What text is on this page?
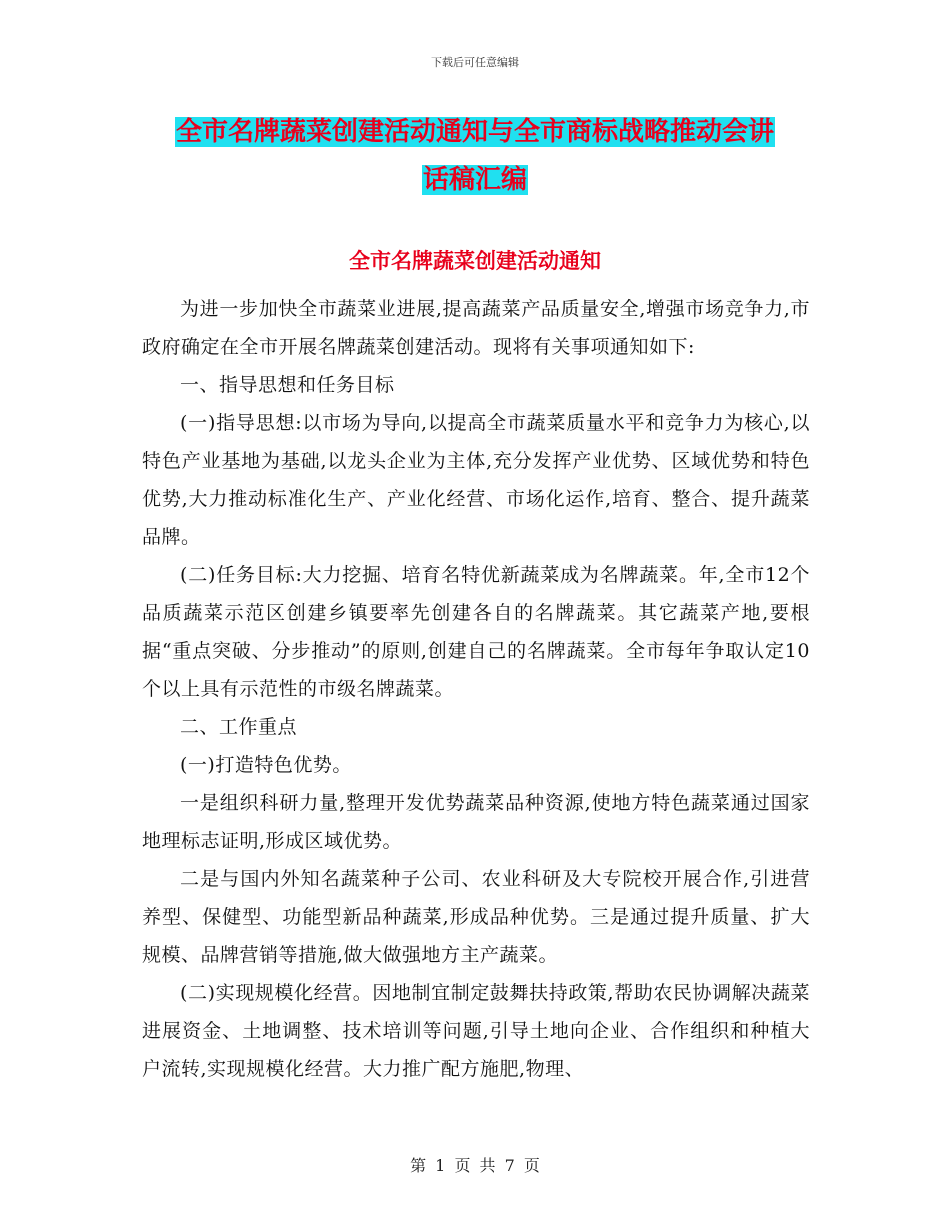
下载后可任意编辑
全市名牌蔬菜创建活动通知与全市商标战略推动会讲
话稿汇编
全市名牌蔬菜创建活动通知

为进一步加快全市蔬菜业进展,提高蔬菜产品质量安全,增强市场竞争力,市政府确定在全市开展名牌蔬菜创建活动。现将有关事项通知如下:

一、指导思想和任务目标

(一)指导思想:以市场为导向,以提高全市蔬菜质量水平和竞争力为核心,以特色产业基地为基础,以龙头企业为主体,充分发挥产业优势、区域优势和特色优势,大力推动标准化生产、产业化经营、市场化运作,培育、整合、提升蔬菜品牌。

(二)任务目标:大力挖掘、培育名特优新蔬菜成为名牌蔬菜。年,全市12个品质蔬菜示范区创建乡镇要率先创建各自的名牌蔬菜。其它蔬菜产地,要根据“重点突破、分步推动”的原则,创建自己的名牌蔬菜。全市每年争取认定10个以上具有示范性的市级名牌蔬菜。

二、工作重点

(一)打造特色优势。

一是组织科研力量,整理开发优势蔬菜品种资源,使地方特色蔬菜通过国家地理标志证明,形成区域优势。

二是与国内外知名蔬菜种子公司、农业科研及大专院校开展合作,引进营养型、保健型、功能型新品种蔬菜,形成品种优势。三是通过提升质量、扩大规模、品牌营销等措施,做大做强地方主产蔬菜。

(二)实现规模化经营。因地制宜制定鼓舞扶持政策,帮助农民协调解决蔬菜进展资金、土地调整、技术培训等问题,引导土地向企业、合作组织和种植大户流转,实现规模化经营。大力推广配方施肥,物理、

第 1 页 共 7 页
